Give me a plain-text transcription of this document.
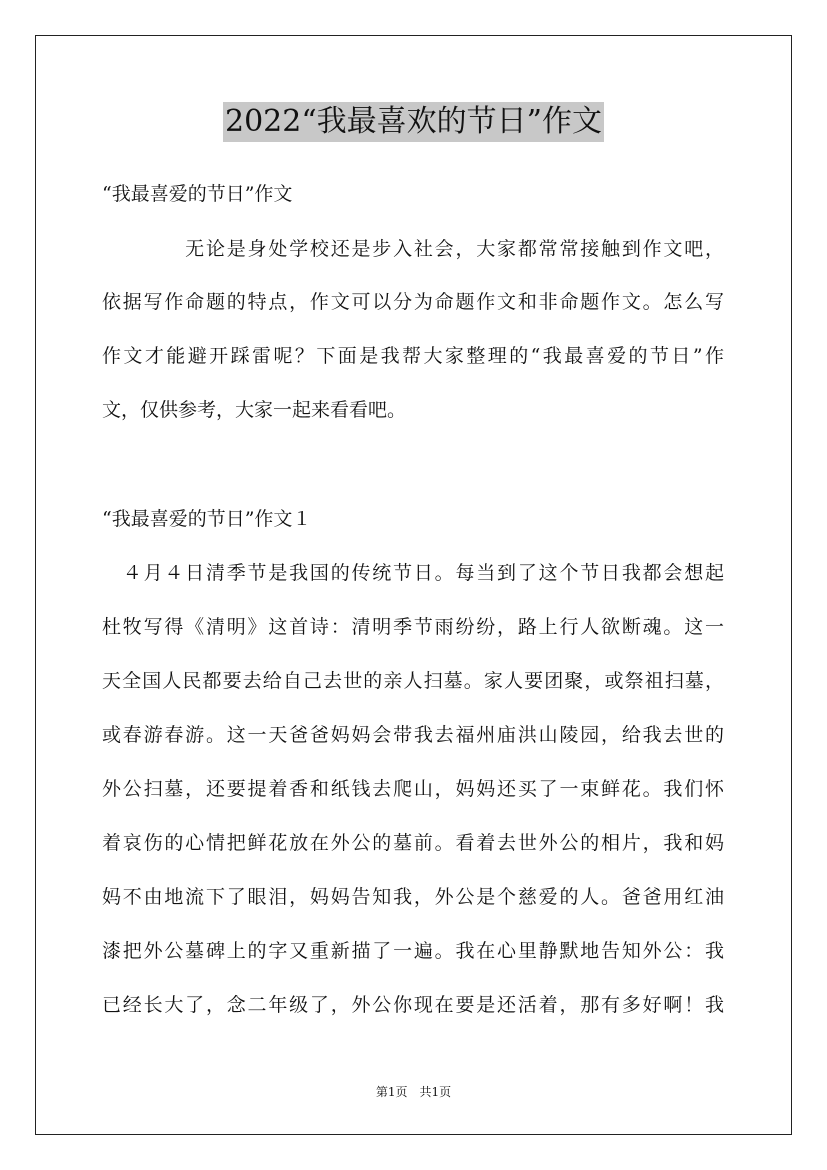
2022“我最喜欢的节日”作文
“我最喜爱的节日”作文
　　　　无论是身处学校还是步入社会，大家都常常接触到作文吧，
依据写作命题的特点，作文可以分为命题作文和非命题作文。怎么写
作文才能避开踩雷呢？下面是我帮大家整理的“我最喜爱的节日”作
文，仅供参考，大家一起来看看吧。
“我最喜爱的节日”作文１
　４月４日清季节是我国的传统节日。每当到了这个节日我都会想起
杜牧写得《清明》这首诗：清明季节雨纷纷，路上行人欲断魂。这一
天全国人民都要去给自己去世的亲人扫墓。家人要团聚，或祭祖扫墓，
或春游春游。这一天爸爸妈妈会带我去福州庙洪山陵园，给我去世的
外公扫墓，还要提着香和纸钱去爬山，妈妈还买了一束鲜花。我们怀
着哀伤的心情把鲜花放在外公的墓前。看着去世外公的相片，我和妈
妈不由地流下了眼泪，妈妈告知我，外公是个慈爱的人。爸爸用红油
漆把外公墓碑上的字又重新描了一遍。我在心里静默地告知外公：我
已经长大了，念二年级了，外公你现在要是还活着，那有多好啊！我
第1页　共1页
